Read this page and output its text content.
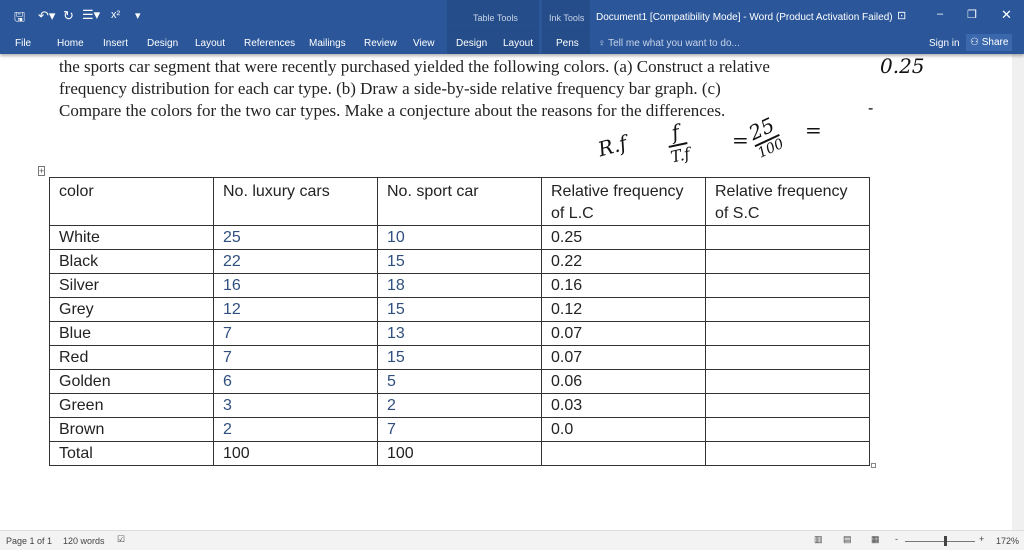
🖫 ↶▾ ↻ ☰▾ x² ▾	Table Tools	Ink Tools Document1 [Compatibility Mode] - Word (Product Activation Failed) ⊡	– ❐ ✕
File	Home Insert Design Layout References Mailings Review View Design Layout Pens ♀ Tell me what you want to do...	Sign in	⚇ Share
the sports car segment that were recently purchased yielded the following colors. (a) Construct a relative
frequency distribution for each car type. (b) Draw a side-by-side relative frequency bar graph. (c)
Compare the colors for the two car types. Make a conjecture about the reasons for the differences.
0.25
-
R.f f
T.f
=
25
100
=
+
color	No. luxury cars	No. sport car	Relative frequency of L.C	Relative frequency of S.C
White	25	10	0.25	
Black	22	15	0.22	
Silver	16	18	0.16	
Grey	12	15	0.12	
Blue	7	13	0.07	
Red	7	15	0.07	
Golden	6	5	0.06	
Green	3	2	0.03	
Brown	2	7	0.0	
Total	100	100		
Page 1 of 1 120 words ☑	▥ ▤ ▦ -	+ 172%
